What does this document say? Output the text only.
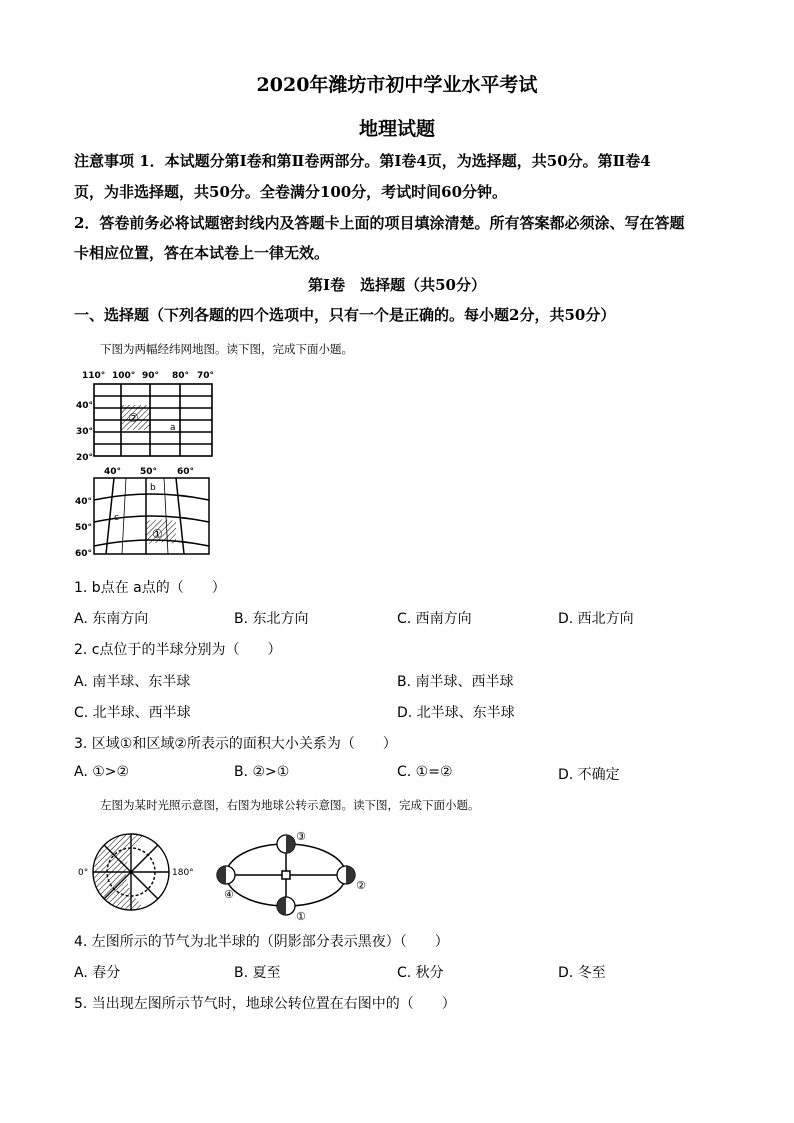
2020年潍坊市初中学业水平考试
地理试题
注意事项 1．本试题分第Ⅰ卷和第Ⅱ卷两部分。第Ⅰ卷4页，为选择题，共50分。第Ⅱ卷4
页，为非选择题，共50分。全卷满分100分，考试时间60分钟。
2．答卷前务必将试题密封线内及答题卡上面的项目填涂清楚。所有答案都必须涂、写在答题
卡相应位置，答在本试卷上一律无效。
第Ⅰ卷　选择题（共50分）
一、选择题（下列各题的四个选项中，只有一个是正确的。每小题2分，共50分）
下图为两幅经纬网地图。读下图，完成下面小题。
110° 100° 90° 80° 70°
40°
30°
20°
②
a
40° 50° 60°
40°
50°
60°
b
c
①
1. b点在 a点的（　　）
A. 东南方向	B. 东北方向	C. 西南方向	D. 西北方向
2. c点位于的半球分别为（　　）
A. 南半球、东半球	B. 南半球、西半球
C. 北半球、西半球	D. 北半球、东半球
3. 区域①和区域②所表示的面积大小关系为（　　）
A. ①>②	B. ②>①	C. ①=②	D. 不确定
左图为某时光照示意图，右图为地球公转示意图。读下图，完成下面小题。
0°	180°
③
②
①
④
4. 左图所示的节气为北半球的（阴影部分表示黑夜）（　　）
A. 春分	B. 夏至	C. 秋分	D. 冬至
5. 当出现左图所示节气时，地球公转位置在右图中的（　　）
